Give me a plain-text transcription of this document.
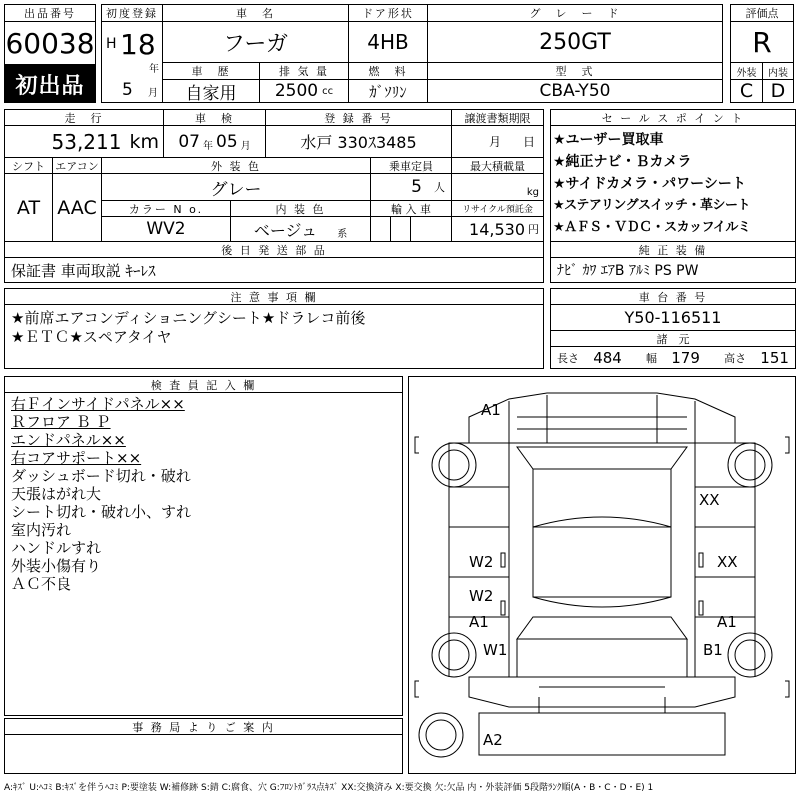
出品番号
60038
初出品
初度登録
H 18
年
5 月
車　名
フーガ
ドア形状
4HB
グ　レ　ー　ド
250GT
評価点
R
車　歴
自家用
排 気 量
2500 cc
燃　料
ｶﾞｿﾘﾝ
型　式
CBA-Y50
外装	内装
C D
走　行
53,211 km
車　検
07 年 05 月
登 録 番 号
水戸 330ｽ3485
譲渡書類期限
月 日
シフト エアコン
AT AAC
外 装 色
グレー
乗車定員
5 人
最大積載量
kg
カラー N o.
WV2
内 装 色
ベージュ 系
輸 入 車	リサイクル預託金
14,530 円
後 日 発 送 部 品
保証書 車両取説 ｷｰﾚｽ
セ ー ル ス ポ イ ン ト
★ユーザー買取車
★純正ナビ・Ｂカメラ
★サイドカメラ・パワーシート
★ステアリングスイッチ・革シート
★ＡＦＳ・ＶＤＣ・スカッフイルミ
純 正 装 備
ﾅﾋﾞ ｶﾜ ｴｱB ｱﾙﾐ PS PW
注 意 事 項 欄
★前席エアコンディショニングシート★ドラレコ前後
★ＥＴＣ★スペアタイヤ
車 台 番 号
Y50-116511
諸　元
長さ 484 幅 179 高さ 151
検 査 員 記 入 欄
右Ｆインサイドパネル××
Ｒフロア Ｂ Ｐ
エンドパネル××
右コアサポート××
ダッシュボード切れ・破れ
天張はがれ大
シート切れ・破れ小、すれ
室内汚れ
ハンドルすれ
外装小傷有り
ＡＣ不良
事 務 局 よ り ご 案 内
A1
XX
W2	XX
W2
A1	A1
W1	B1
A2
A:ｷｽﾞ U:ﾍｺﾐ B:ｷｽﾞを伴うﾍｺﾐ P:要塗装 W:補修跡 S:錆 C:腐食、穴 G:ﾌﾛﾝﾄｶﾞﾗｽ点ｷｽﾞ XX:交換済み X:要交換 欠:欠品 内・外装評価 5段階ﾗﾝｸ順(A・B・C・D・E) 1
